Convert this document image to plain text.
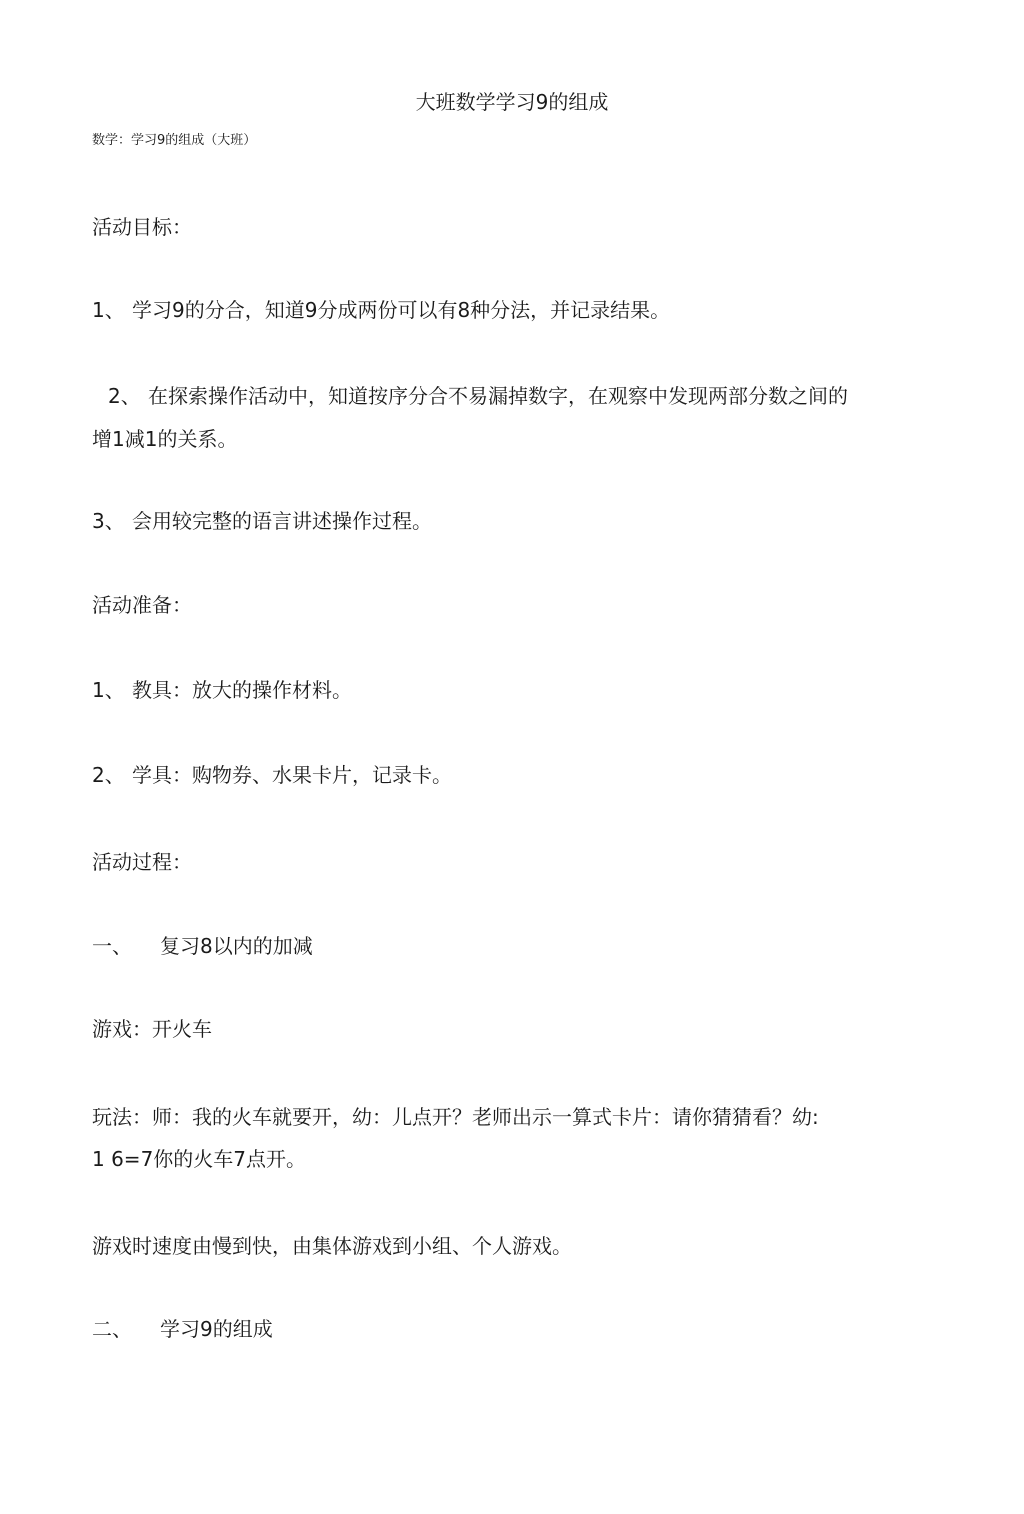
大班数学学习9的组成
数学：学习9的组成（大班）
活动目标：
1、 学习9的分合，知道9分成两份可以有8种分法，并记录结果。
2、 在探索操作活动中，知道按序分合不易漏掉数字，在观察中发现两部分数之间的
增1减1的关系。
3、 会用较完整的语言讲述操作过程。
活动准备：
1、 教具：放大的操作材料。
2、 学具：购物券、水果卡片，记录卡。
活动过程：
一、 复习8以内的加减
游戏：开火车
玩法：师：我的火车就要开，幼：儿点开？老师出示一算式卡片：请你猜猜看？幼:
1 6=7你的火车7点开。
游戏时速度由慢到快，由集体游戏到小组、个人游戏。
二、 学习9的组成
